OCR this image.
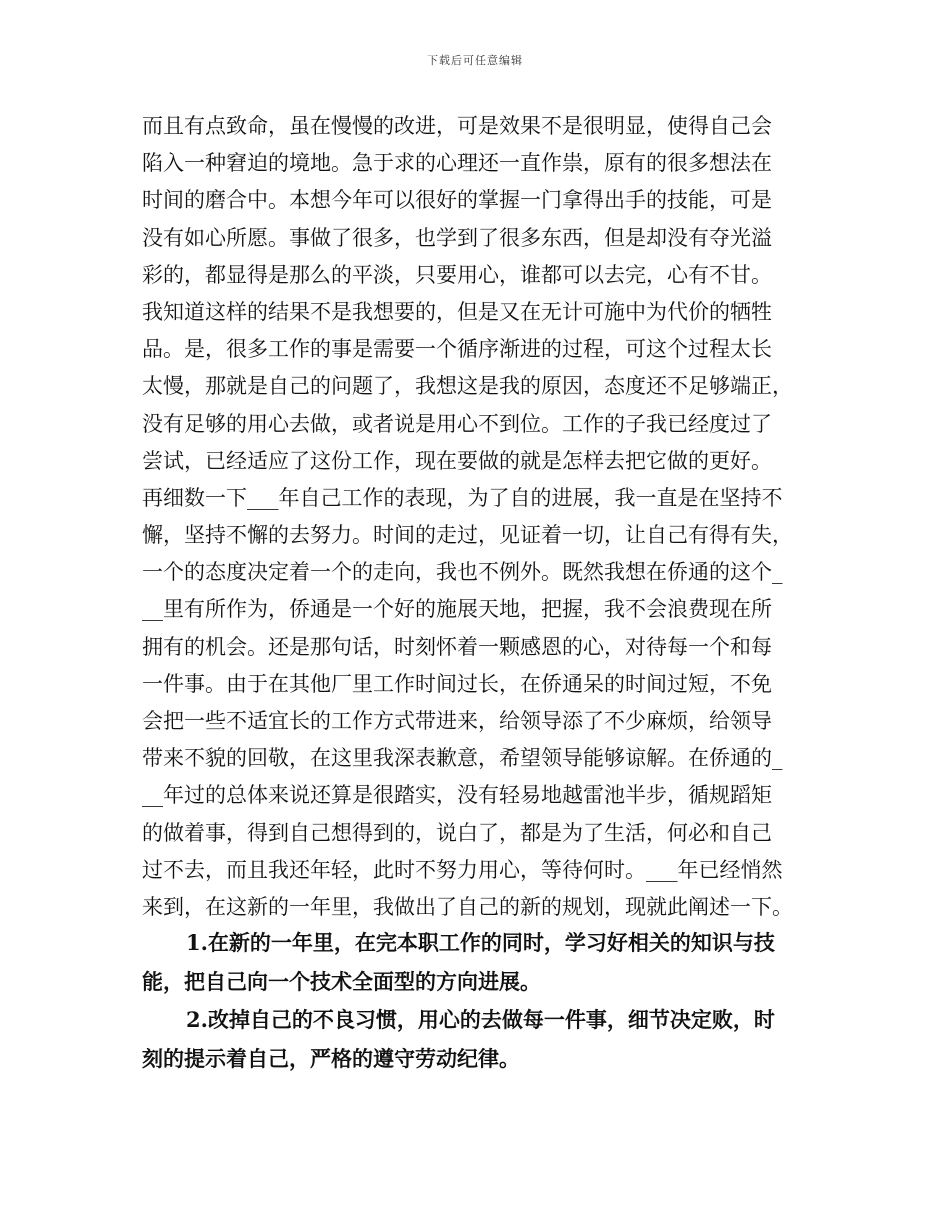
下载后可任意编辑
而且有点致命，虽在慢慢的改进，可是效果不是很明显，使得自己会
陷入一种窘迫的境地。急于求的心理还一直作祟，原有的很多想法在
时间的磨合中。本想今年可以很好的掌握一门拿得出手的技能，可是
没有如心所愿。事做了很多，也学到了很多东西，但是却没有夺光溢
彩的，都显得是那么的平淡，只要用心，谁都可以去完，心有不甘。
我知道这样的结果不是我想要的，但是又在无计可施中为代价的牺牲
品。是，很多工作的事是需要一个循序渐进的过程，可这个过程太长
太慢，那就是自己的问题了，我想这是我的原因，态度还不足够端正，
没有足够的用心去做，或者说是用心不到位。工作的子我已经度过了
尝试，已经适应了这份工作，现在要做的就是怎样去把它做的更好。
再细数一下___年自己工作的表现，为了自的进展，我一直是在坚持不
懈，坚持不懈的去努力。时间的走过，见证着一切，让自己有得有失，
一个的态度决定着一个的走向，我也不例外。既然我想在侨通的这个_
__里有所作为，侨通是一个好的施展天地，把握，我不会浪费现在所
拥有的机会。还是那句话，时刻怀着一颗感恩的心，对待每一个和每
一件事。由于在其他厂里工作时间过长，在侨通呆的时间过短，不免
会把一些不适宜长的工作方式带进来，给领导添了不少麻烦，给领导
带来不貌的回敬，在这里我深表歉意，希望领导能够谅解。在侨通的_
__年过的总体来说还算是很踏实，没有轻易地越雷池半步，循规蹈矩
的做着事，得到自己想得到的，说白了，都是为了生活，何必和自己
过不去，而且我还年轻，此时不努力用心，等待何时。___年已经悄然
来到，在这新的一年里，我做出了自己的新的规划，现就此阐述一下。
1.在新的一年里，在完本职工作的同时，学习好相关的知识与技
能，把自己向一个技术全面型的方向进展。
2.改掉自己的不良习惯，用心的去做每一件事，细节决定败，时
刻的提示着自己，严格的遵守劳动纪律。
